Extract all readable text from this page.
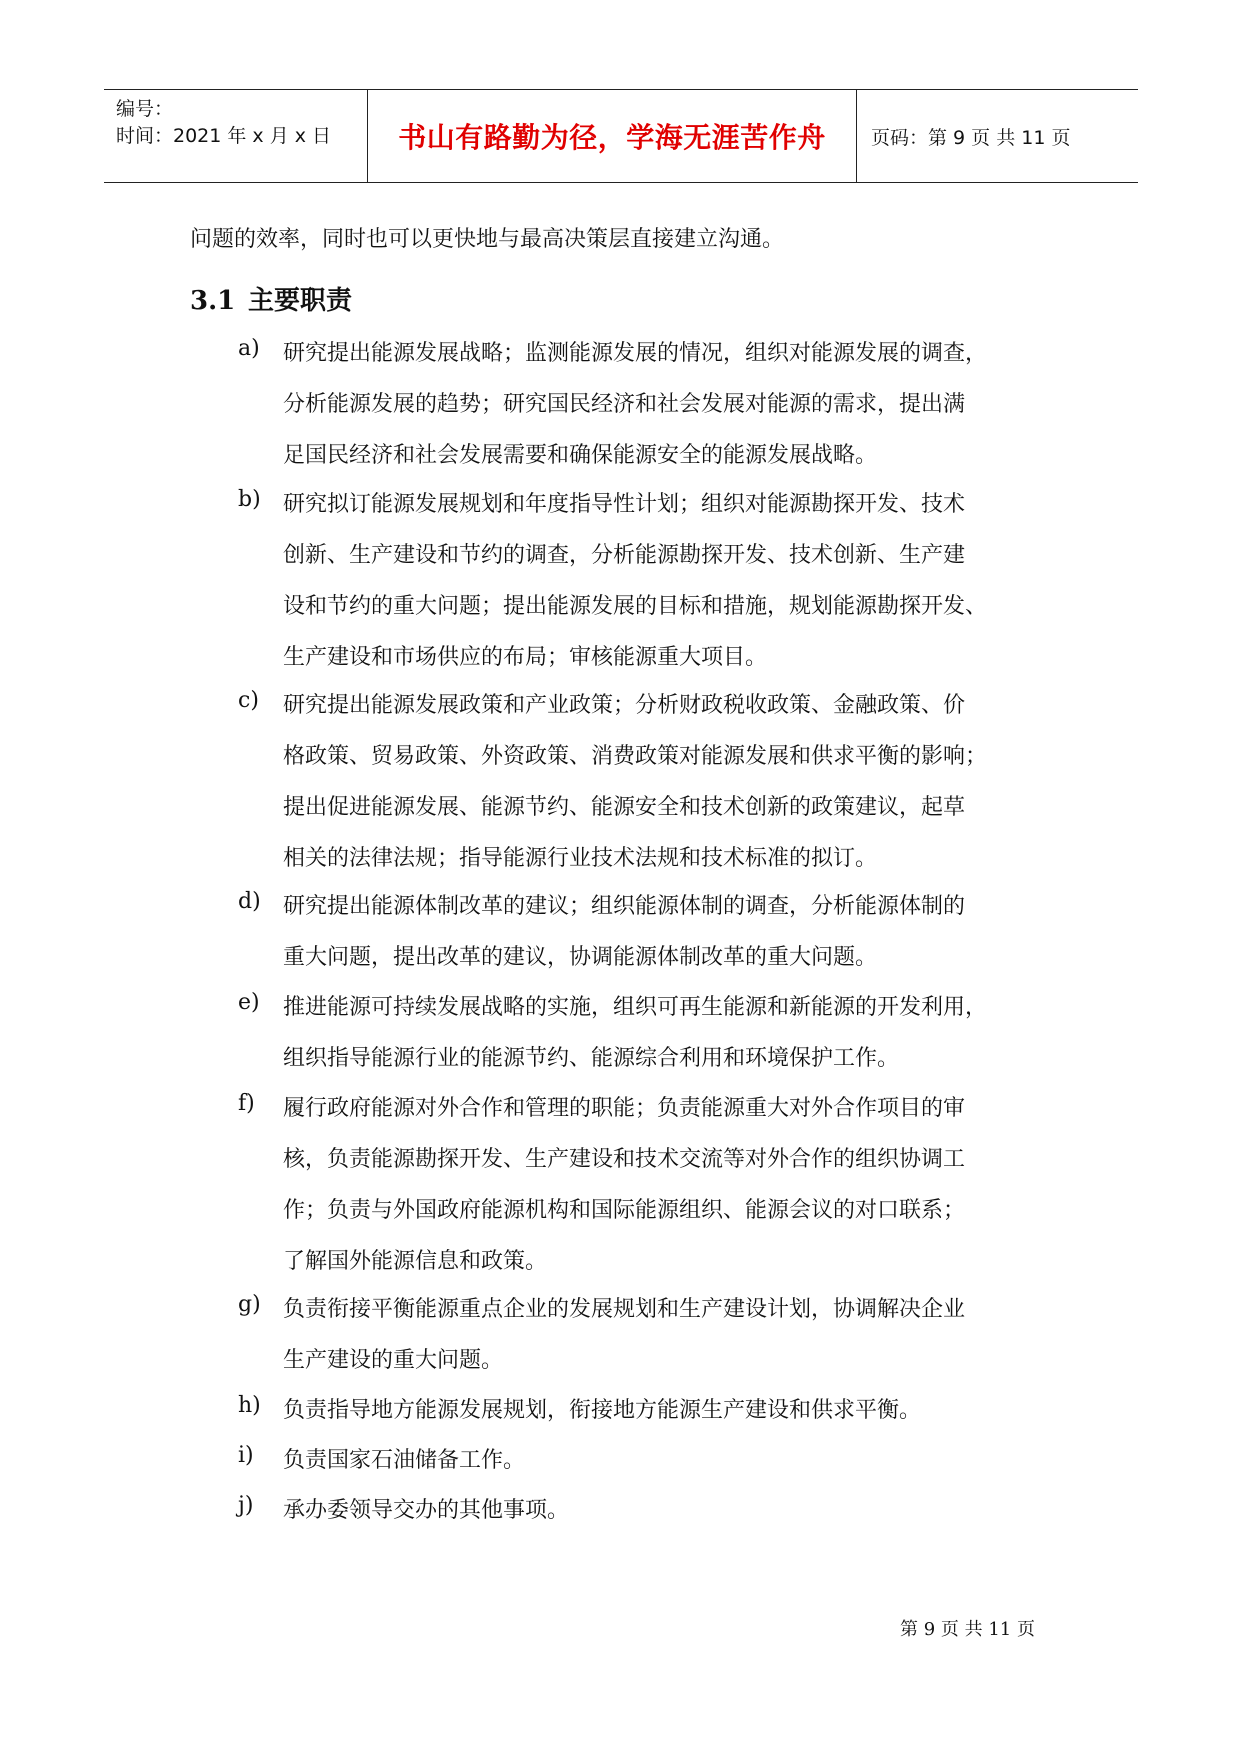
编号：
时间：2021 年 x 月 x 日	书山有路勤为径，学海无涯苦作舟	页码：第 9 页 共 11 页
问题的效率，同时也可以更快地与最高决策层直接建立沟通。
3.1 主要职责
a) 研究提出能源发展战略；监测能源发展的情况，组织对能源发展的调查，
分析能源发展的趋势；研究国民经济和社会发展对能源的需求，提出满
足国民经济和社会发展需要和确保能源安全的能源发展战略。
b) 研究拟订能源发展规划和年度指导性计划；组织对能源勘探开发、技术
创新、生产建设和节约的调查，分析能源勘探开发、技术创新、生产建
设和节约的重大问题；提出能源发展的目标和措施，规划能源勘探开发、
生产建设和市场供应的布局；审核能源重大项目。
c) 研究提出能源发展政策和产业政策；分析财政税收政策、金融政策、价
格政策、贸易政策、外资政策、消费政策对能源发展和供求平衡的影响；
提出促进能源发展、能源节约、能源安全和技术创新的政策建议，起草
相关的法律法规；指导能源行业技术法规和技术标准的拟订。
d) 研究提出能源体制改革的建议；组织能源体制的调查，分析能源体制的
重大问题，提出改革的建议，协调能源体制改革的重大问题。
e) 推进能源可持续发展战略的实施，组织可再生能源和新能源的开发利用，
组织指导能源行业的能源节约、能源综合利用和环境保护工作。
f) 履行政府能源对外合作和管理的职能；负责能源重大对外合作项目的审
核，负责能源勘探开发、生产建设和技术交流等对外合作的组织协调工
作；负责与外国政府能源机构和国际能源组织、能源会议的对口联系；
了解国外能源信息和政策。
g) 负责衔接平衡能源重点企业的发展规划和生产建设计划，协调解决企业
生产建设的重大问题。
h) 负责指导地方能源发展规划，衔接地方能源生产建设和供求平衡。
i) 负责国家石油储备工作。
j) 承办委领导交办的其他事项。
第 9 页 共 11 页
